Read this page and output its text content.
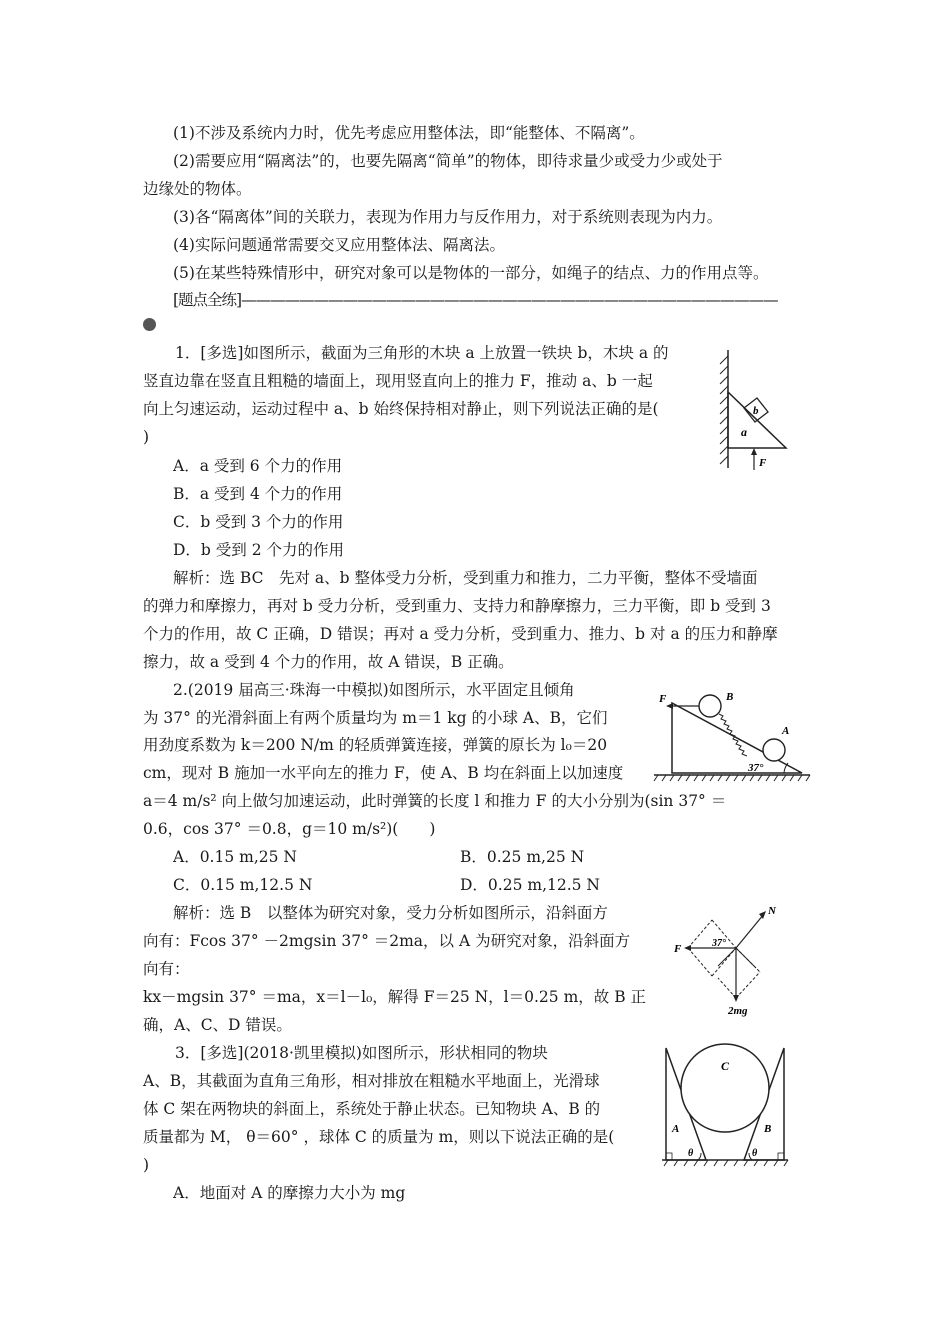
(1)不涉及系统内力时，优先考虑应用整体法，即“能整体、不隔离”。
(2)需要应用“隔离法”的，也要先隔离“简单”的物体，即待求量少或受力少或处于
边缘处的物体。
(3)各“隔离体”间的关联力，表现为作用力与反作用力，对于系统则表现为内力。
(4)实际问题通常需要交叉应用整体法、隔离法。
(5)在某些特殊情形中，研究对象可以是物体的一部分，如绳子的结点、力的作用点等。
[题点全练]—————————————————————————————————————
1．[多选]如图所示，截面为三角形的木块 a 上放置一铁块 b，木块 a 的
竖直边靠在竖直且粗糙的墙面上，现用竖直向上的推力 F，推动 a、b 一起
向上匀速运动，运动过程中 a、b 始终保持相对静止，则下列说法正确的是(
)
A．a 受到 6 个力的作用
B．a 受到 4 个力的作用
C．b 受到 3 个力的作用
D．b 受到 2 个力的作用
解析：选 BC　先对 a、b 整体受力分析，受到重力和推力，二力平衡，整体不受墙面
的弹力和摩擦力，再对 b 受力分析，受到重力、支持力和静摩擦力，三力平衡，即 b 受到 3
个力的作用，故 C 正确，D 错误；再对 a 受力分析，受到重力、推力、b 对 a 的压力和静摩
擦力，故 a 受到 4 个力的作用，故 A 错误，B 正确。
b
a
F
2.(2019 届高三·珠海一中模拟)如图所示，水平固定且倾角
为 37° 的光滑斜面上有两个质量均为 m＝1 kg 的小球 A、B，它们
用劲度系数为 k＝200 N/m 的轻质弹簧连接，弹簧的原长为 l₀＝20
cm，现对 B 施加一水平向左的推力 F，使 A、B 均在斜面上以加速度
a＝4 m/s² 向上做匀加速运动，此时弹簧的长度 l 和推力 F 的大小分别为(sin 37° ＝
0.6，cos 37° ＝0.8，g＝10 m/s²)(　　)
A．0.15 m,25 N	B．0.25 m,25 N
C．0.15 m,12.5 N	D．0.25 m,12.5 N
解析：选 B　以整体为研究对象，受力分析如图所示，沿斜面方
向有：Fcos 37° －2mgsin 37° ＝2ma，以 A 为研究对象，沿斜面方
向有：
kx－mgsin 37° ＝ma，x＝l－l₀，解得 F＝25 N，l＝0.25 m，故 B 正
确，A、C、D 错误。
F	B
A
37°
N
F	37°
2mg
3．[多选](2018·凯里模拟)如图所示，形状相同的物块
A、B，其截面为直角三角形，相对排放在粗糙水平地面上，光滑球
体 C 架在两物块的斜面上，系统处于静止状态。已知物块 A、B 的
质量都为 M， θ＝60° ，球体 C 的质量为 m，则以下说法正确的是(
)
A．地面对 A 的摩擦力大小为 mg
C
A	B
θ	θ
